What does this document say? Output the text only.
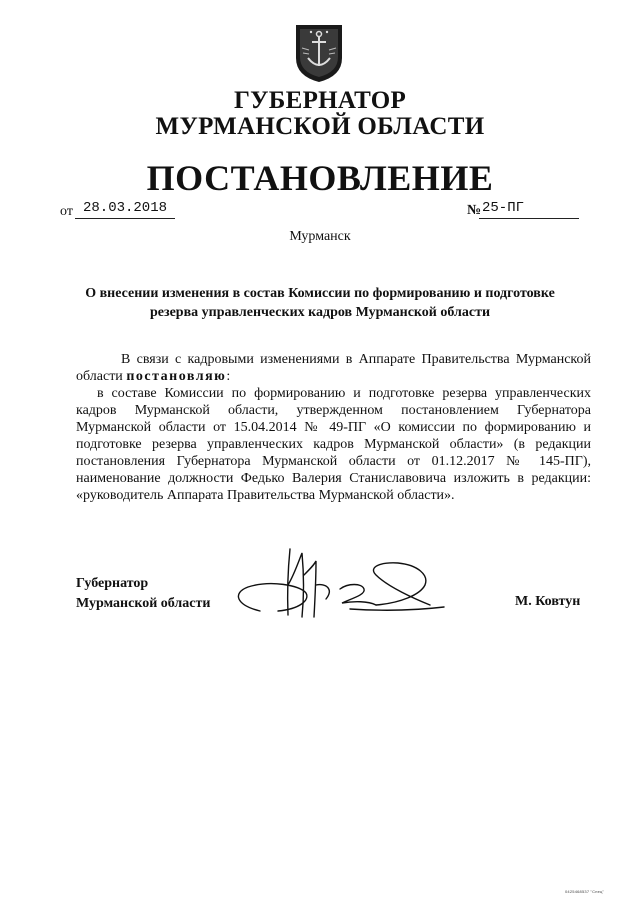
ГУБЕРНАТОР
МУРМАНСКОЙ ОБЛАСТИ
ПОСТАНОВЛЕНИЕ
от 28.03.2018	№ 25-ПГ
Мурманск
О внесении изменения в состав Комиссии по формированию и подготовке резерва управленческих кадров Мурманской области

В связи с кадровыми изменениями в Аппарате Правительства Мурманской области постановляю:

в составе Комиссии по формированию и подготовке резерва управленческих кадров Мурманской области, утвержденном постановлением Губернатора Мурманской области от 15.04.2014 № 49-ПГ «О комиссии по формированию и подготовке резерва управленческих кадров Мурманской области» (в редакции постановления Губернатора Мурманской области от 01.12.2017 № 145-ПГ), наименование должности Федько Валерия Станиславовича изложить в редакции: «руководитель Аппарата Правительства Мурманской области».

Губернатор
Мурманской области	М. Ковтун
0425468537 "Спец"
